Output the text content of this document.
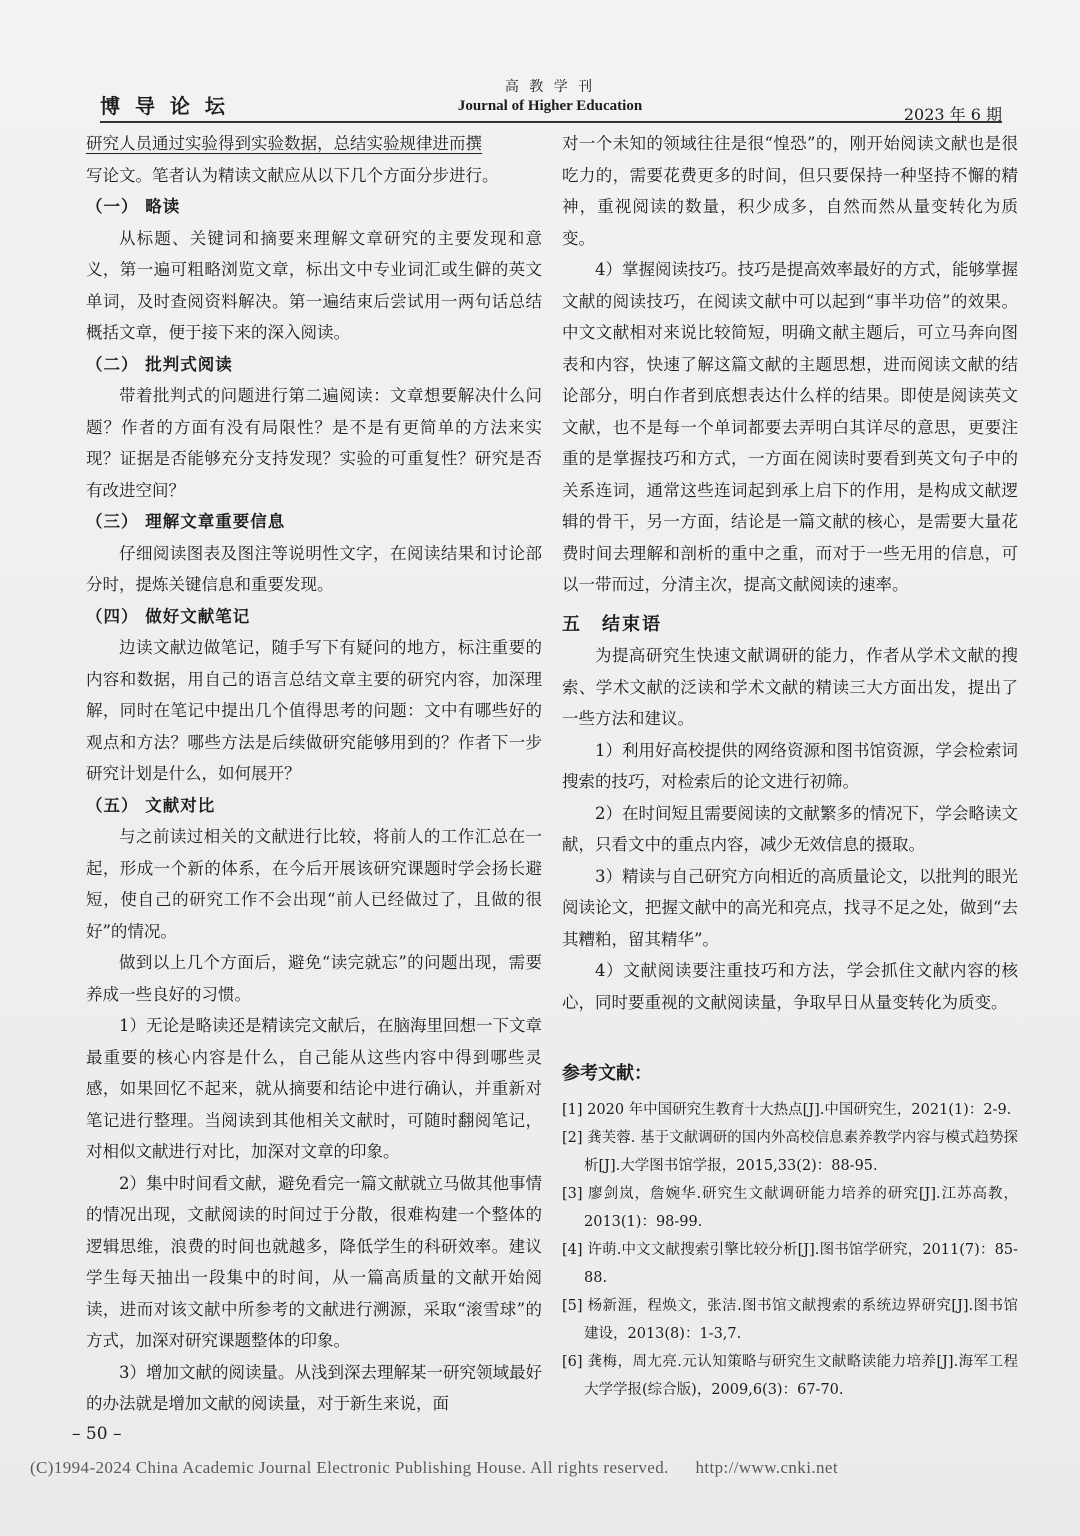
博 导 论 坛
高 教 学 刊
Journal of Higher Education	2023 年 6 期

研究人员通过实验得到实验数据，总结实验规律进而撰

写论文。笔者认为精读文献应从以下几个方面分步进行。

（一） 略读

从标题、关键词和摘要来理解文章研究的主要发现和意义，第一遍可粗略浏览文章，标出文中专业词汇或生僻的英文单词，及时查阅资料解决。第一遍结束后尝试用一两句话总结概括文章，便于接下来的深入阅读。

（二） 批判式阅读

带着批判式的问题进行第二遍阅读：文章想要解决什么问题？作者的方面有没有局限性？是不是有更简单的方法来实现？证据是否能够充分支持发现？实验的可重复性？研究是否有改进空间？

（三） 理解文章重要信息

仔细阅读图表及图注等说明性文字，在阅读结果和讨论部分时，提炼关键信息和重要发现。

（四） 做好文献笔记

边读文献边做笔记，随手写下有疑问的地方，标注重要的内容和数据，用自己的语言总结文章主要的研究内容，加深理解，同时在笔记中提出几个值得思考的问题：文中有哪些好的观点和方法？哪些方法是后续做研究能够用到的？作者下一步研究计划是什么，如何展开？

（五） 文献对比

与之前读过相关的文献进行比较，将前人的工作汇总在一起，形成一个新的体系，在今后开展该研究课题时学会扬长避短，使自己的研究工作不会出现“前人已经做过了，且做的很好”的情况。

做到以上几个方面后，避免“读完就忘”的问题出现，需要养成一些良好的习惯。

1）无论是略读还是精读完文献后，在脑海里回想一下文章最重要的核心内容是什么，自己能从这些内容中得到哪些灵感，如果回忆不起来，就从摘要和结论中进行确认，并重新对笔记进行整理。当阅读到其他相关文献时，可随时翻阅笔记，对相似文献进行对比，加深对文章的印象。

2）集中时间看文献，避免看完一篇文献就立马做其他事情的情况出现，文献阅读的时间过于分散，很难构建一个整体的逻辑思维，浪费的时间也就越多，降低学生的科研效率。建议学生每天抽出一段集中的时间，从一篇高质量的文献开始阅读，进而对该文献中所参考的文献进行溯源，采取“滚雪球”的方式，加深对研究课题整体的印象。

3）增加文献的阅读量。从浅到深去理解某一研究领域最好的办法就是增加文献的阅读量，对于新生来说，面

对一个未知的领域往往是很“惶恐”的，刚开始阅读文献也是很吃力的，需要花费更多的时间，但只要保持一种坚持不懈的精神，重视阅读的数量，积少成多，自然而然从量变转化为质变。

4）掌握阅读技巧。技巧是提高效率最好的方式，能够掌握文献的阅读技巧，在阅读文献中可以起到“事半功倍”的效果。中文文献相对来说比较简短，明确文献主题后，可立马奔向图表和内容，快速了解这篇文献的主题思想，进而阅读文献的结论部分，明白作者到底想表达什么样的结果。即使是阅读英文文献，也不是每一个单词都要去弄明白其详尽的意思，更要注重的是掌握技巧和方式，一方面在阅读时要看到英文句子中的关系连词，通常这些连词起到承上启下的作用，是构成文献逻辑的骨干，另一方面，结论是一篇文献的核心，是需要大量花费时间去理解和剖析的重中之重，而对于一些无用的信息，可以一带而过，分清主次，提高文献阅读的速率。

五　结束语

为提高研究生快速文献调研的能力，作者从学术文献的搜索、学术文献的泛读和学术文献的精读三大方面出发，提出了一些方法和建议。

1）利用好高校提供的网络资源和图书馆资源，学会检索词搜索的技巧，对检索后的论文进行初筛。

2）在时间短且需要阅读的文献繁多的情况下，学会略读文献，只看文中的重点内容，减少无效信息的摄取。

3）精读与自己研究方向相近的高质量论文，以批判的眼光阅读论文，把握文献中的高光和亮点，找寻不足之处，做到“去其糟粕，留其精华”。

4）文献阅读要注重技巧和方法，学会抓住文献内容的核心，同时要重视的文献阅读量，争取早日从量变转化为质变。

参考文献：

[1] 2020 年中国研究生教育十大热点[J].中国研究生，2021(1)：2-9.

[2] 龚芙蓉. 基于文献调研的国内外高校信息素养教学内容与模式趋势探析[J].大学图书馆学报，2015,33(2)：88-95.

[3] 廖剑岚，詹婉华.研究生文献调研能力培养的研究[J].江苏高教，2013(1)：98-99.

[4] 许萌.中文文献搜索引擎比较分析[J].图书馆学研究，2011(7)：85-88.

[5] 杨新涯，程焕文，张洁.图书馆文献搜索的系统边界研究[J].图书馆建设，2013(8)：1-3,7.

[6] 龚梅，周尢亮.元认知策略与研究生文献略读能力培养[J].海军工程大学学报(综合版)，2009,6(3)：67-70.

– 50 –
(C)1994-2024 China Academic Journal Electronic Publishing House. All rights reserved. http://www.cnki.net
